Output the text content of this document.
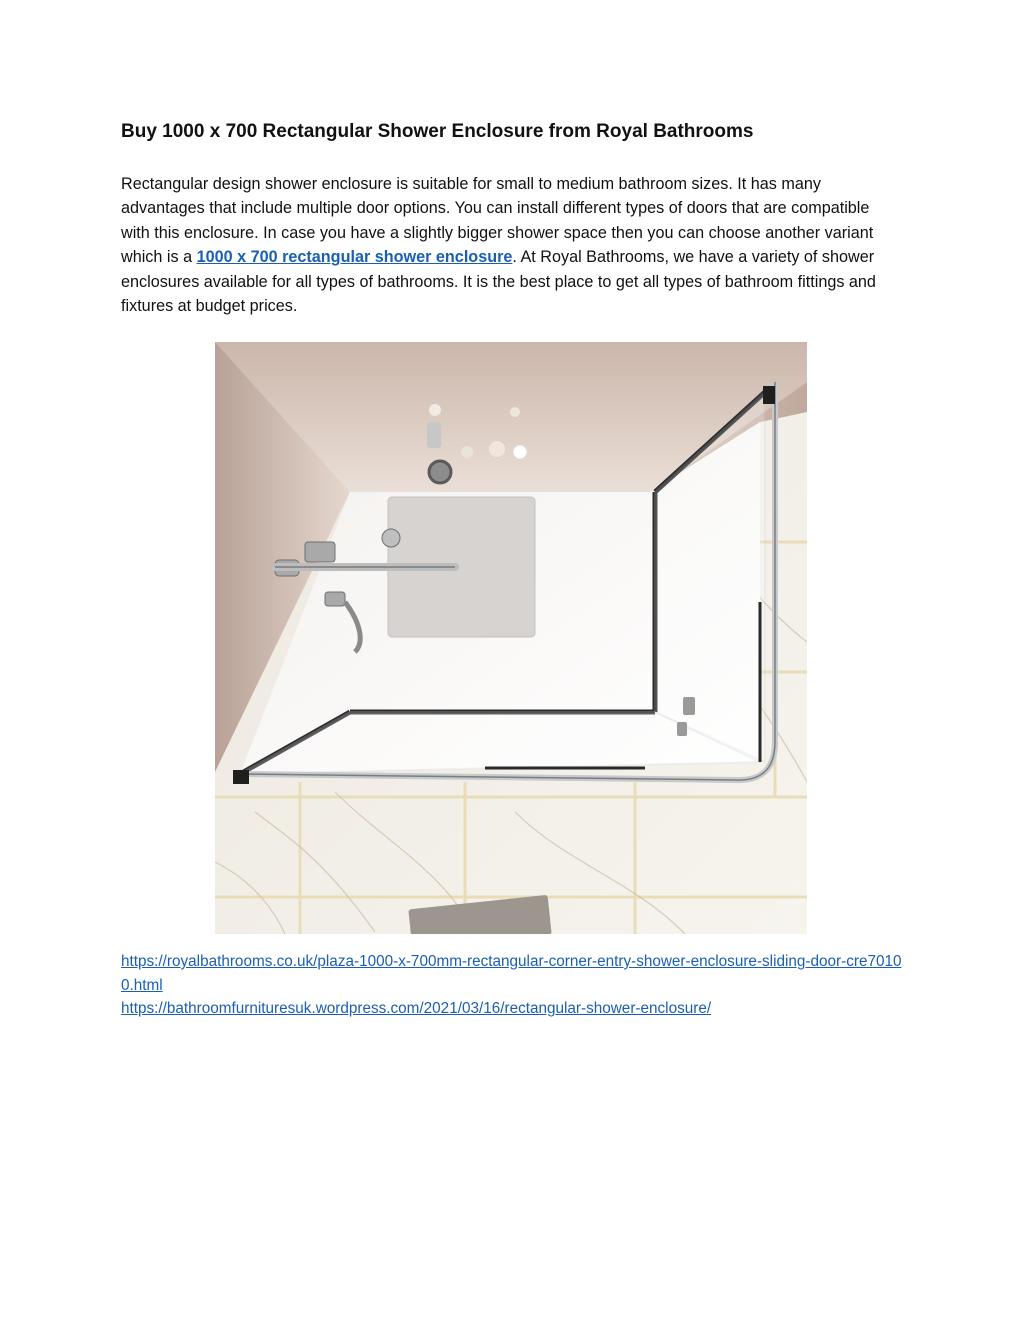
Buy 1000 x 700 Rectangular Shower Enclosure from Royal Bathrooms

Rectangular design shower enclosure is suitable for small to medium bathroom sizes. It has many advantages that include multiple door options. You can install different types of doors that are compatible with this enclosure. In case you have a slightly bigger shower space then you can choose another variant which is a 1000 x 700 rectangular shower enclosure. At Royal Bathrooms, we have a variety of shower enclosures available for all types of bathrooms. It is the best place to get all types of bathroom fittings and fixtures at budget prices.

https://royalbathrooms.co.uk/plaza-1000-x-700mm-rectangular-corner-entry-shower-enclosure-sliding-door-cre70100.html
https://bathroomfurnituresuk.wordpress.com/2021/03/16/rectangular-shower-enclosure/
